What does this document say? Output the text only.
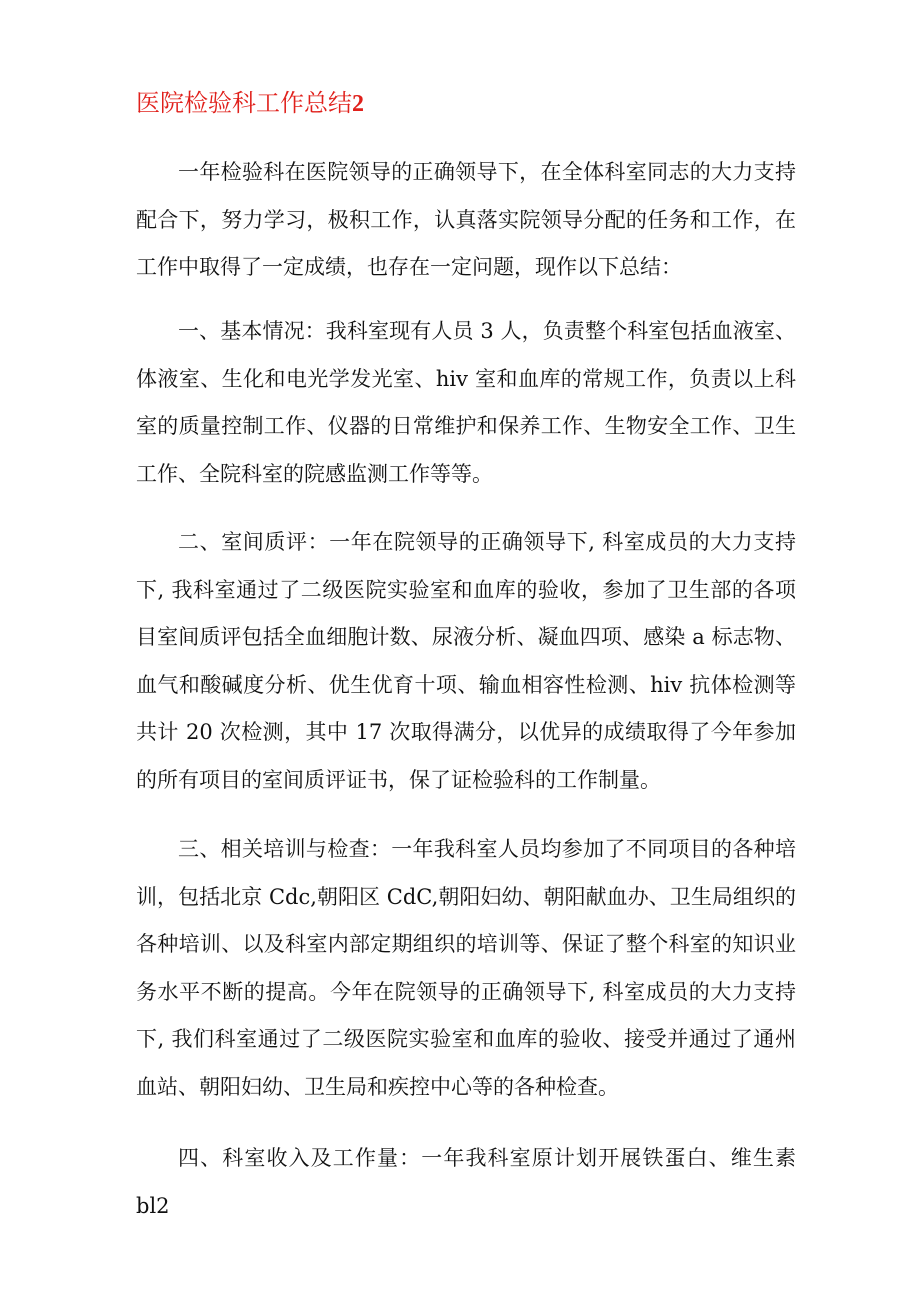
医院检验科工作总结2

一年检验科在医院领导的正确领导下，在全体科室同志的大力支持配合下，努力学习，极积工作，认真落实院领导分配的任务和工作，在工作中取得了一定成绩，也存在一定问题，现作以下总结：

一、基本情况：我科室现有人员 3 人，负责整个科室包括血液室、体液室、生化和电光学发光室、hiv 室和血库的常规工作，负责以上科室的质量控制工作、仪器的日常维护和保养工作、生物安全工作、卫生工作、全院科室的院感监测工作等等。

二、室间质评：一年在院领导的正确领导下, 科室成员的大力支持下, 我科室通过了二级医院实验室和血库的验收，参加了卫生部的各项目室间质评包括全血细胞计数、尿液分析、凝血四项、感染 a 标志物、血气和酸碱度分析、优生优育十项、输血相容性检测、hiv 抗体检测等共计 20 次检测，其中 17 次取得满分，以优异的成绩取得了今年参加的所有项目的室间质评证书，保了证检验科的工作制量。

三、相关培训与检查：一年我科室人员均参加了不同项目的各种培训，包括北京 Cdc,朝阳区 CdC,朝阳妇幼、朝阳献血办、卫生局组织的各种培训、以及科室内部定期组织的培训等、保证了整个科室的知识业务水平不断的提高。今年在院领导的正确领导下, 科室成员的大力支持下, 我们科室通过了二级医院实验室和血库的验收、接受并通过了通州血站、朝阳妇幼、卫生局和疾控中心等的各种检查。

四、科室收入及工作量：一年我科室原计划开展铁蛋白、维生素 bl2
